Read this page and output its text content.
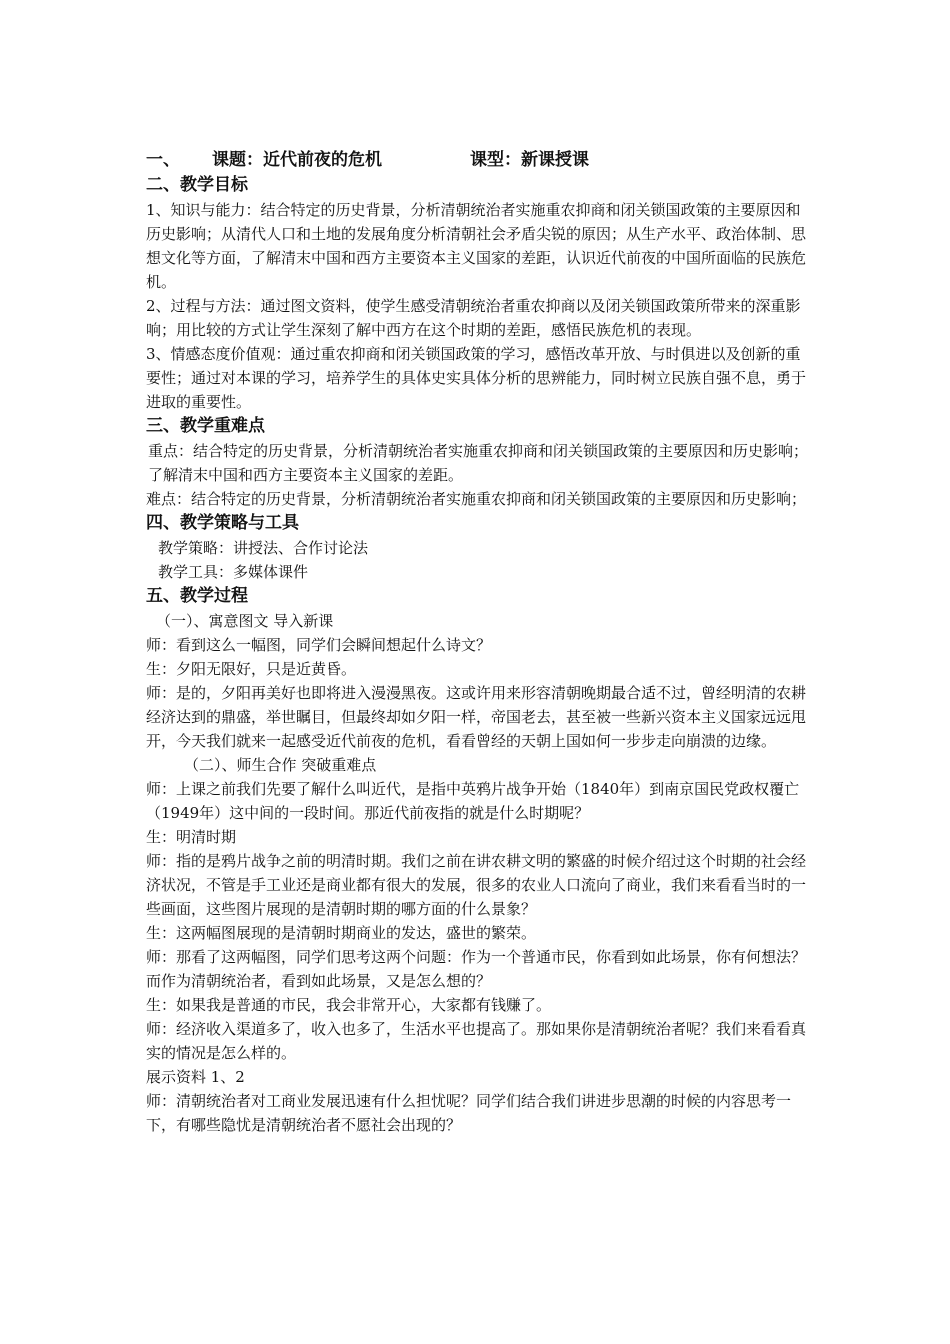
一、	课题：近代前夜的危机	课型：新课授课
二、教学目标

1、知识与能力：结合特定的历史背景，分析清朝统治者实施重农抑商和闭关锁国政策的主要原因和历史影响；从清代人口和土地的发展角度分析清朝社会矛盾尖锐的原因；从生产水平、政治体制、思想文化等方面，了解清末中国和西方主要资本主义国家的差距，认识近代前夜的中国所面临的民族危机。

2、过程与方法：通过图文资料，使学生感受清朝统治者重农抑商以及闭关锁国政策所带来的深重影响；用比较的方式让学生深刻了解中西方在这个时期的差距，感悟民族危机的表现。

3、情感态度价值观：通过重农抑商和闭关锁国政策的学习，感悟改革开放、与时俱进以及创新的重要性；通过对本课的学习，培养学生的具体史实具体分析的思辨能力，同时树立民族自强不息，勇于进取的重要性。

三、教学重难点

重点：结合特定的历史背景，分析清朝统治者实施重农抑商和闭关锁国政策的主要原因和历史影响；了解清末中国和西方主要资本主义国家的差距。

难点：结合特定的历史背景，分析清朝统治者实施重农抑商和闭关锁国政策的主要原因和历史影响；

四、教学策略与工具

教学策略：讲授法、合作讨论法

教学工具：多媒体课件

五、教学过程

（一）、寓意图文 导入新课

师：看到这么一幅图，同学们会瞬间想起什么诗文？

生：夕阳无限好，只是近黄昏。

师：是的，夕阳再美好也即将进入漫漫黑夜。这或许用来形容清朝晚期最合适不过，曾经明清的农耕经济达到的鼎盛，举世瞩目，但最终却如夕阳一样，帝国老去，甚至被一些新兴资本主义国家远远甩开，今天我们就来一起感受近代前夜的危机，看看曾经的天朝上国如何一步步走向崩溃的边缘。

（二）、师生合作 突破重难点

师：上课之前我们先要了解什么叫近代，是指中英鸦片战争开始（1840年）到南京国民党政权覆亡（1949年）这中间的一段时间。那近代前夜指的就是什么时期呢？

生：明清时期

师：指的是鸦片战争之前的明清时期。我们之前在讲农耕文明的繁盛的时候介绍过这个时期的社会经济状况，不管是手工业还是商业都有很大的发展，很多的农业人口流向了商业，我们来看看当时的一些画面，这些图片展现的是清朝时期的哪方面的什么景象？

生：这两幅图展现的是清朝时期商业的发达，盛世的繁荣。

师：那看了这两幅图，同学们思考这两个问题：作为一个普通市民，你看到如此场景，你有何想法？ 而作为清朝统治者，看到如此场景，又是怎么想的？

生：如果我是普通的市民，我会非常开心，大家都有钱赚了。

师：经济收入渠道多了，收入也多了，生活水平也提高了。那如果你是清朝统治者呢？我们来看看真实的情况是怎么样的。

展示资料 1、2

师：清朝统治者对工商业发展迅速有什么担忧呢？同学们结合我们讲进步思潮的时候的内容思考一下，有哪些隐忧是清朝统治者不愿社会出现的？
